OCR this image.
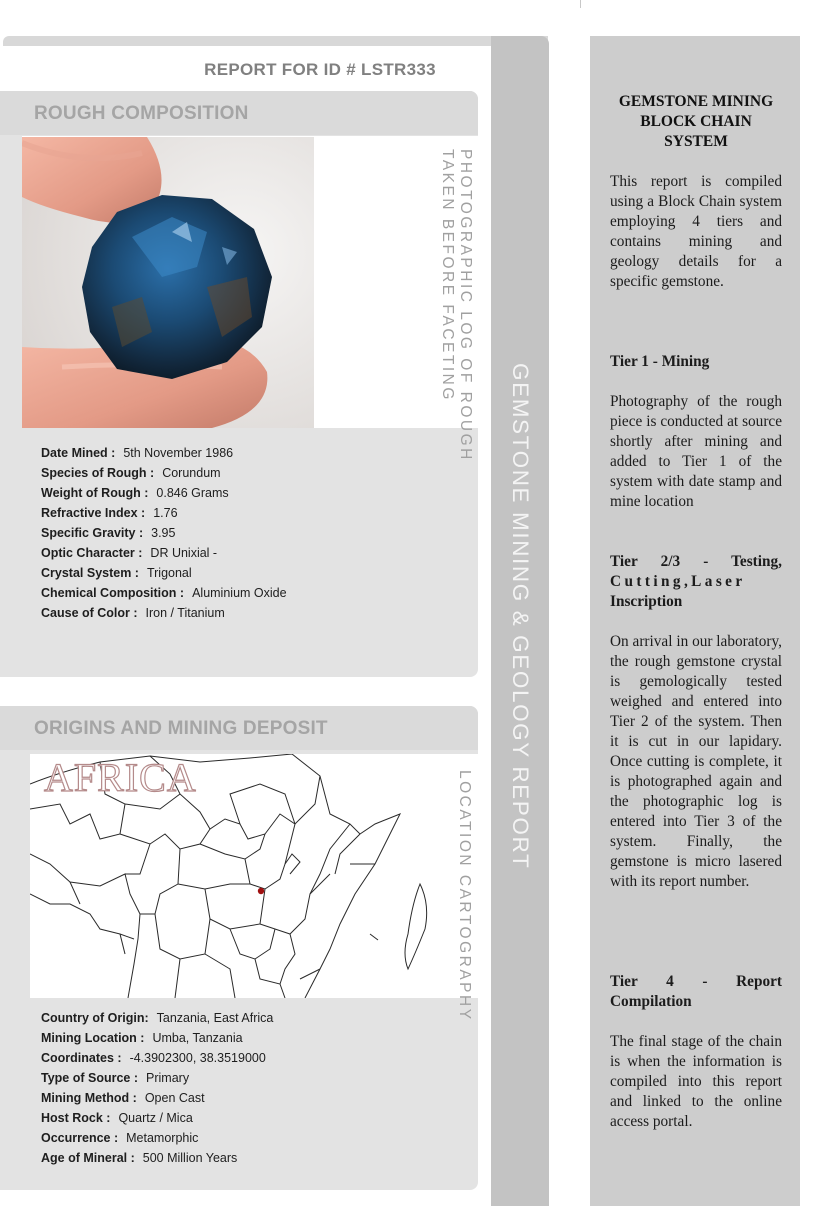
REPORT FOR ID # LSTR333
ROUGH COMPOSITION
PHOTOGRAPHIC LOG OF ROUGH
TAKEN BEFORE FACETING
Date Mined : 5th November 1986
Species of Rough : Corundum
Weight of Rough : 0.846 Grams
Refractive Index : 1.76
Specific Gravity : 3.95
Optic Character : DR Unixial -
Crystal System : Trigonal
Chemical Composition : Aluminium Oxide
Cause of Color : Iron / Titanium
ORIGINS AND MINING DEPOSIT
AFRICA	LOCATION CARTOGRAPHY
Country of Origin: Tanzania, East Africa
Mining Location : Umba, Tanzania
Coordinates : -4.3902300, 38.3519000
Type of Source : Primary
Mining Method : Open Cast
Host Rock : Quartz / Mica
Occurrence : Metamorphic
Age of Mineral : 500 Million Years
GEMSTONE MINING & GEOLOGY REPORT
GEMSTONE MINING BLOCK CHAIN SYSTEM
This report is compiled using a Block Chain system employing 4 tiers and contains mining and geology details for a specific gemstone.
Tier 1 - Mining
Photography of the rough piece is conducted at source shortly after mining and added to Tier 1 of the system with date stamp and mine location
Tier 2/3 - Testing,
Cutting,Laser
Inscription
On arrival in our laboratory, the rough gemstone crystal is gemologically tested weighed and entered into Tier 2 of the system. Then it is cut in our lapidary. Once cutting is complete, it is photographed again and the photographic log is entered into Tier 3 of the system. Finally, the gemstone is micro lasered with its report number.
Tier 4 - Report Compilation
The final stage of the chain is when the information is compiled into this report and linked to the online access portal.
